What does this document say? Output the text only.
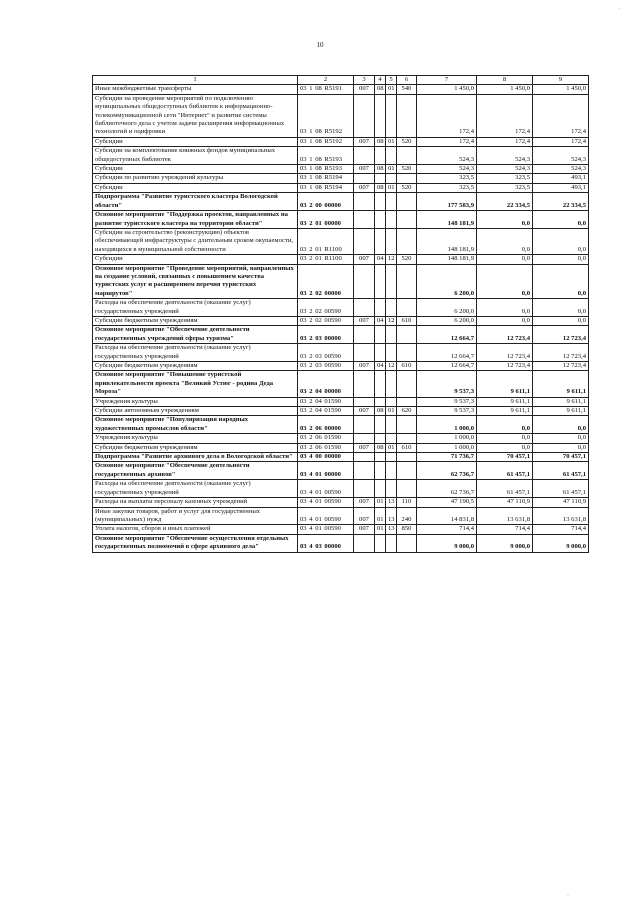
10
·
·
1	2	3	4	5	6	7	8	9
Иные межбюджетные трансферты	03 1 08 R5191	007	08	01	540	1 450,0	1 450,0	1 450,0
Субсидии на проведение мероприятий по подключению муниципальных общедоступных библиотек к информационно-телекоммуникационной сети "Интернет" и развитие системы библиотечного дела с учетом задачи расширения информационных технологий и оцифровки	03 1 08 R5192					172,4	172,4	172,4
Субсидии	03 1 08 R5192	007	08	01	520	172,4	172,4	172,4
Субсидии на комплектование книжных фондов муниципальных общедоступных библиотек	03 1 08 R5193					524,3	524,3	524,3
Субсидии	03 1 08 R5193	007	08	01	520	524,3	524,3	524,3
Субсидии по развитию учреждений культуры	03 1 08 R5194					323,5	323,5	493,1
Субсидии	03 1 08 R5194	007	08	01	520	323,5	323,5	493,1
Подпрограмма "Развитие туристского кластера Вологодской области"	03 2 00 00000					177 583,9	22 334,5	22 334,5
Основное мероприятие "Поддержка проектов, направленных на развитие туристского кластера на территории области"	03 2 01 00000					148 181,9	0,0	0,0
Субсидии на строительство (реконструкцию) объектов обеспечивающей инфраструктуры с длительным сроком окупаемости, находящихся в муниципальной собственности	03 2 01 R1100					148 181,9	0,0	0,0
Субсидии	03 2 01 R1100	007	04	12	520	148 181,9	0,0	0,0
Основное мероприятие "Проведение мероприятий, направленных на создание условий, связанных с повышением качества туристских услуг и расширением перечня туристских маршрутов"	03 2 02 00000					6 200,0	0,0	0,0
Расходы на обеспечение деятельности (оказание услуг) государственных учреждений	03 2 02 00590					6 200,0	0,0	0,0
Субсидии бюджетным учреждениям	03 2 02 00590	007	04	12	610	6 200,0	0,0	0,0
Основное мероприятие "Обеспечение деятельности государственных учреждений сферы туризма"	03 2 03 00000					12 664,7	12 723,4	12 723,4
Расходы на обеспечение деятельности (оказание услуг) государственных учреждений	03 2 03 00590					12 664,7	12 723,4	12 723,4
Субсидии бюджетным учреждениям	03 2 03 00590	007	04	12	610	12 664,7	12 723,4	12 723,4
Основное мероприятие "Повышение туристской привлекательности проекта "Великий Устюг - родина Деда Мороза"	03 2 04 00000					9 537,3	9 611,1	9 611,1
Учреждения культуры	03 2 04 01590					9 537,3	9 611,1	9 611,1
Субсидии автономным учреждениям	03 2 04 01590	007	08	01	620	9 537,3	9 611,1	9 611,1
Основное мероприятие "Популяризация народных художественных промыслов области"	03 2 06 00000					1 000,0	0,0	0,0
Учреждения культуры	03 2 06 01590					1 000,0	0,0	0,0
Субсидии бюджетным учреждениям	03 2 06 01590	007	08	01	610	1 000,0	0,0	0,0
Подпрограмма "Развитие архивного дела в Вологодской области"	03 4 00 00000					71 736,7	70 457,1	70 457,1
Основное мероприятие "Обеспечение деятельности государственных архивов"	03 4 01 00000					62 736,7	61 457,1	61 457,1
Расходы на обеспечение деятельности (оказание услуг) государственных учреждений	03 4 01 00590					62 736,7	61 457,1	61 457,1
Расходы на выплаты персоналу казенных учреждений	03 4 01 00590	007	01	13	110	47 190,5	47 110,9	47 110,9
Иные закупки товаров, работ и услуг для государственных (муниципальных) нужд	03 4 01 00590	007	01	13	240	14 831,8	13 631,8	13 631,8
Уплата налогов, сборов и иных платежей	03 4 01 00590	007	01	13	850	714,4	714,4	714,4
Основное мероприятие "Обеспечение осуществления отдельных государственных полномочий в сфере архивного дела"	03 4 03 00000					9 000,0	9 000,0	9 000,0
